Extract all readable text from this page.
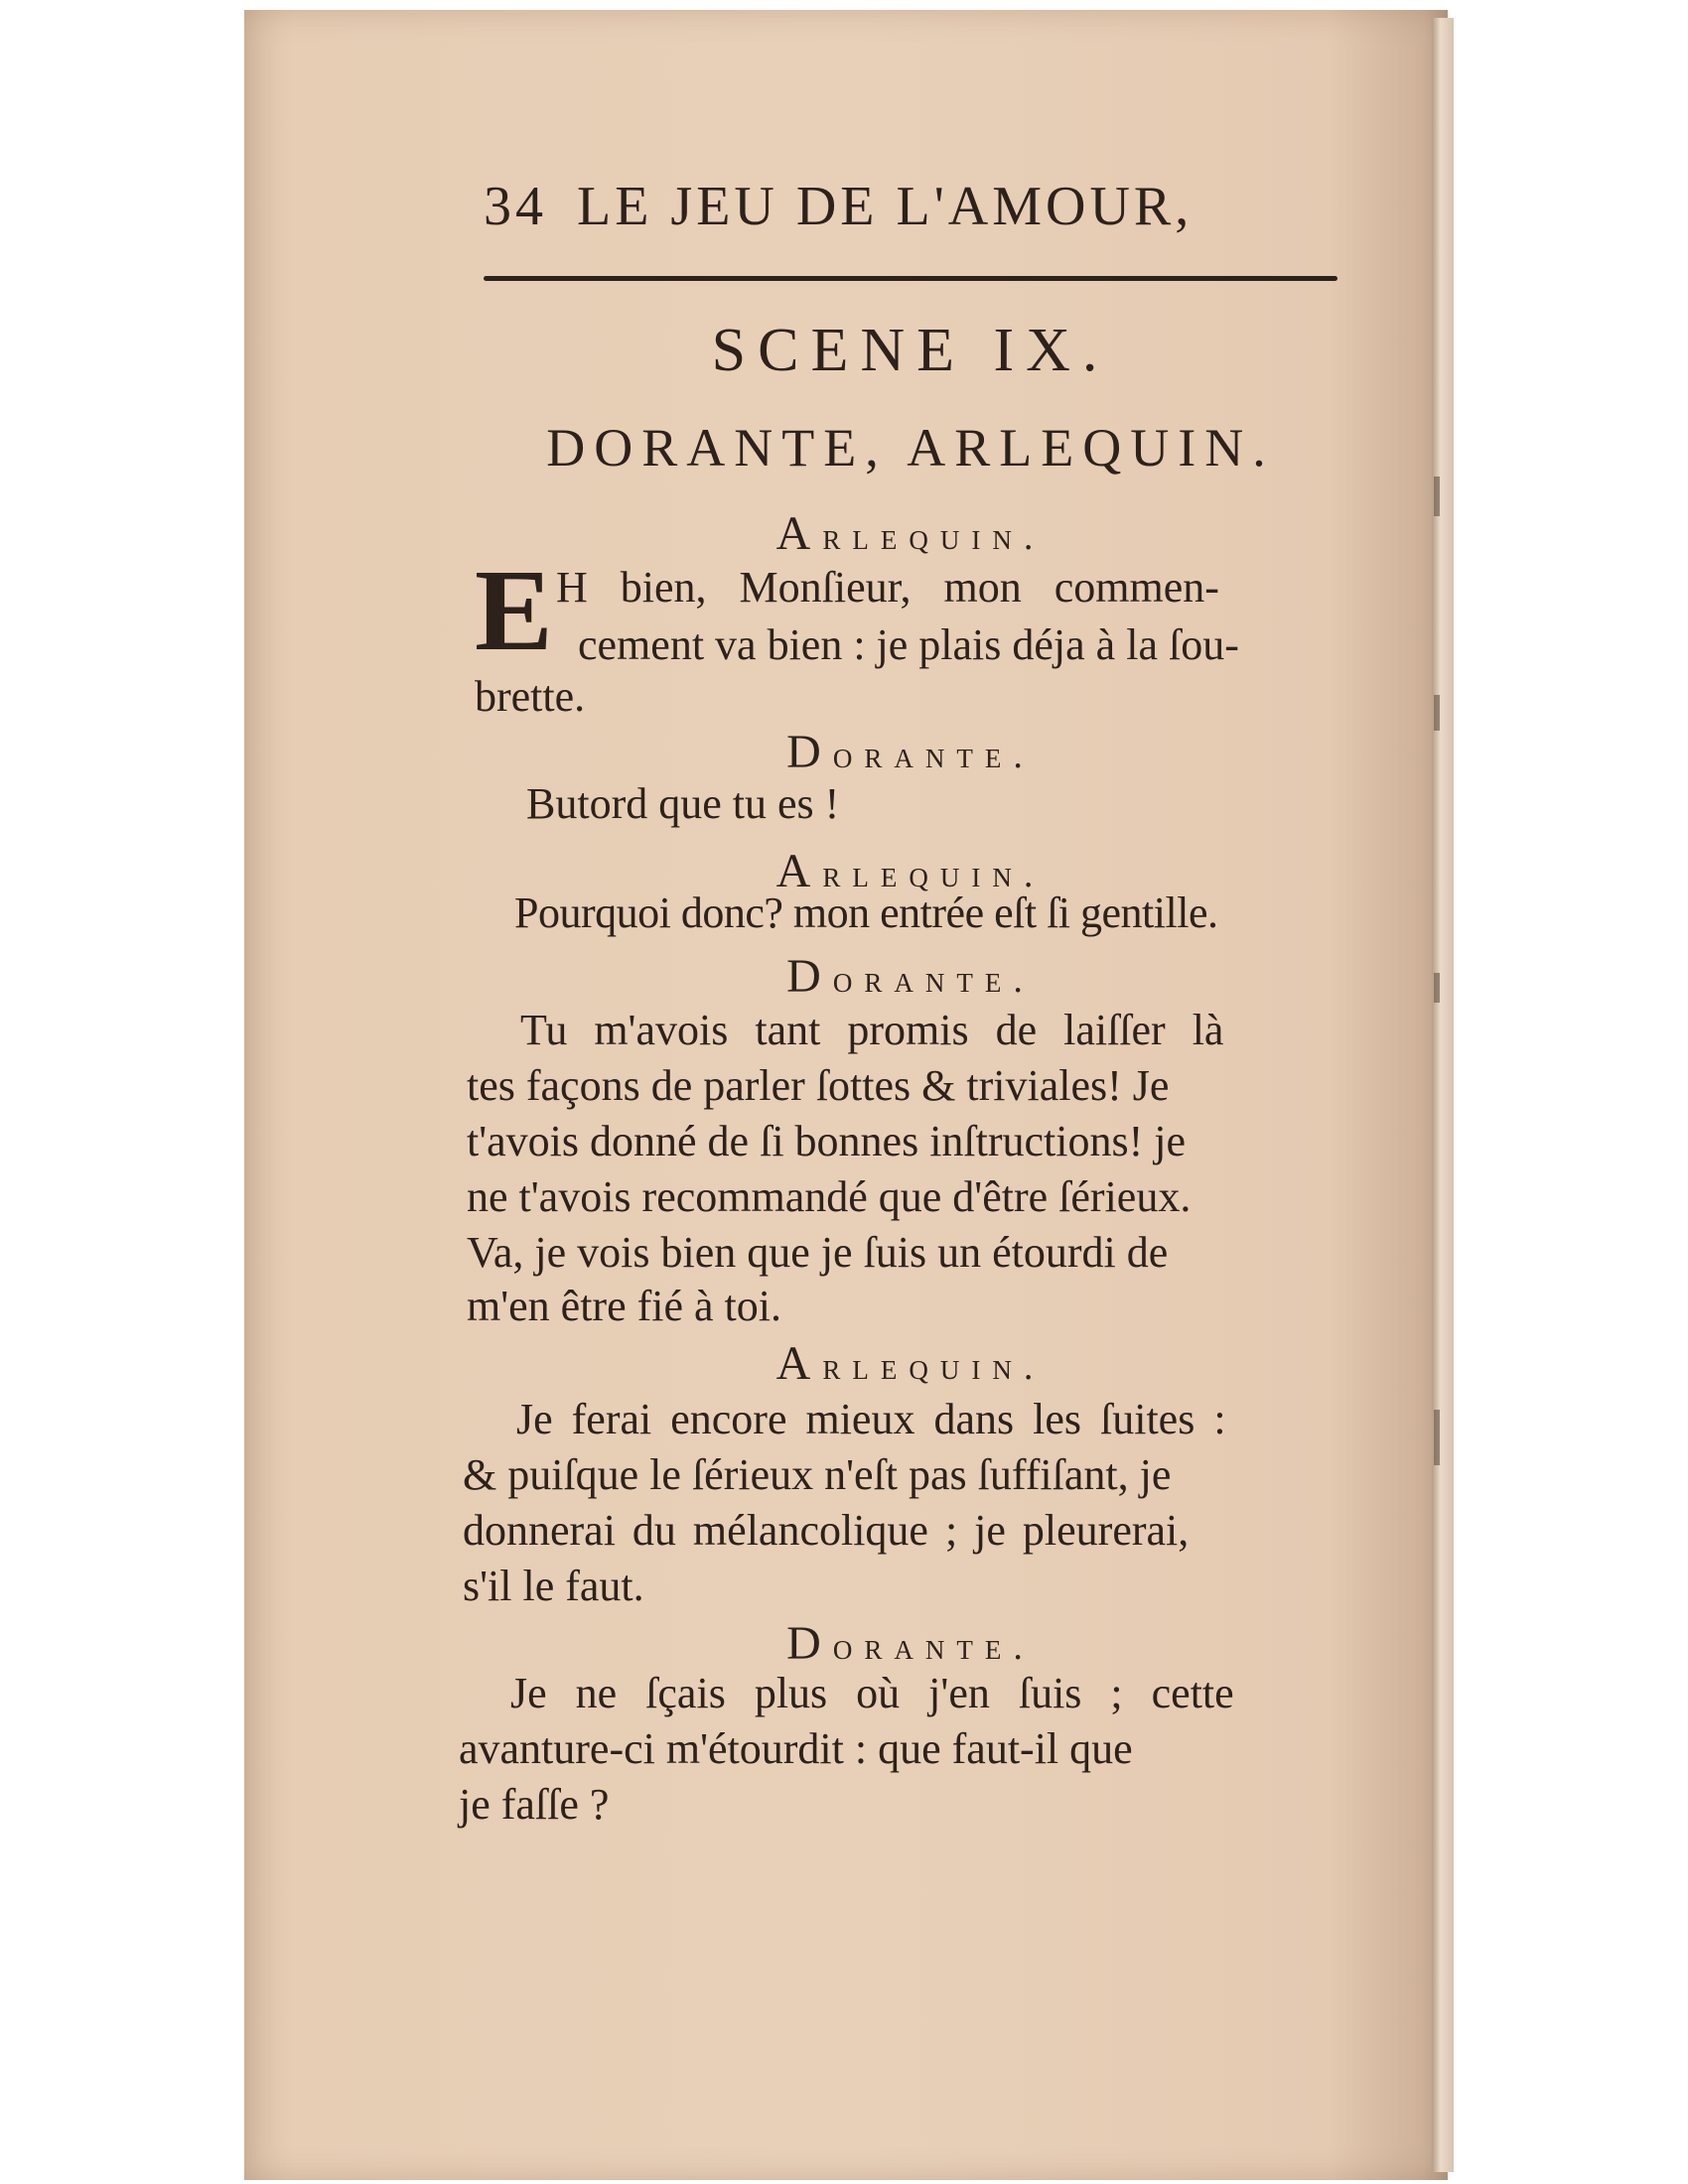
34 LE JEU DE L'AMOUR,
SCENE IX.
DORANTE, ARLEQUIN.
Arlequin.
E H bien, Monſieur, mon commen-
cement va bien : je plais déja à la ſou-
brette.
Dorante.
Butord que tu es !
Arlequin.
Pourquoi donc? mon entrée eſt ſi gentille.
Dorante.
Tu m'avois tant promis de laiſſer là
tes façons de parler ſottes & triviales! Je
t'avois donné de ſi bonnes inſtructions! je
ne t'avois recommandé que d'être ſérieux.
Va, je vois bien que je ſuis un étourdi de
m'en être fié à toi.
Arlequin.
Je ferai encore mieux dans les ſuites :
& puiſque le ſérieux n'eſt pas ſuffiſant, je
donnerai du mélancolique ; je pleurerai,
s'il le faut.
Dorante.
Je ne ſçais plus où j'en ſuis ; cette
avanture-ci m'étourdit : que faut-il que
je faſſe ?
